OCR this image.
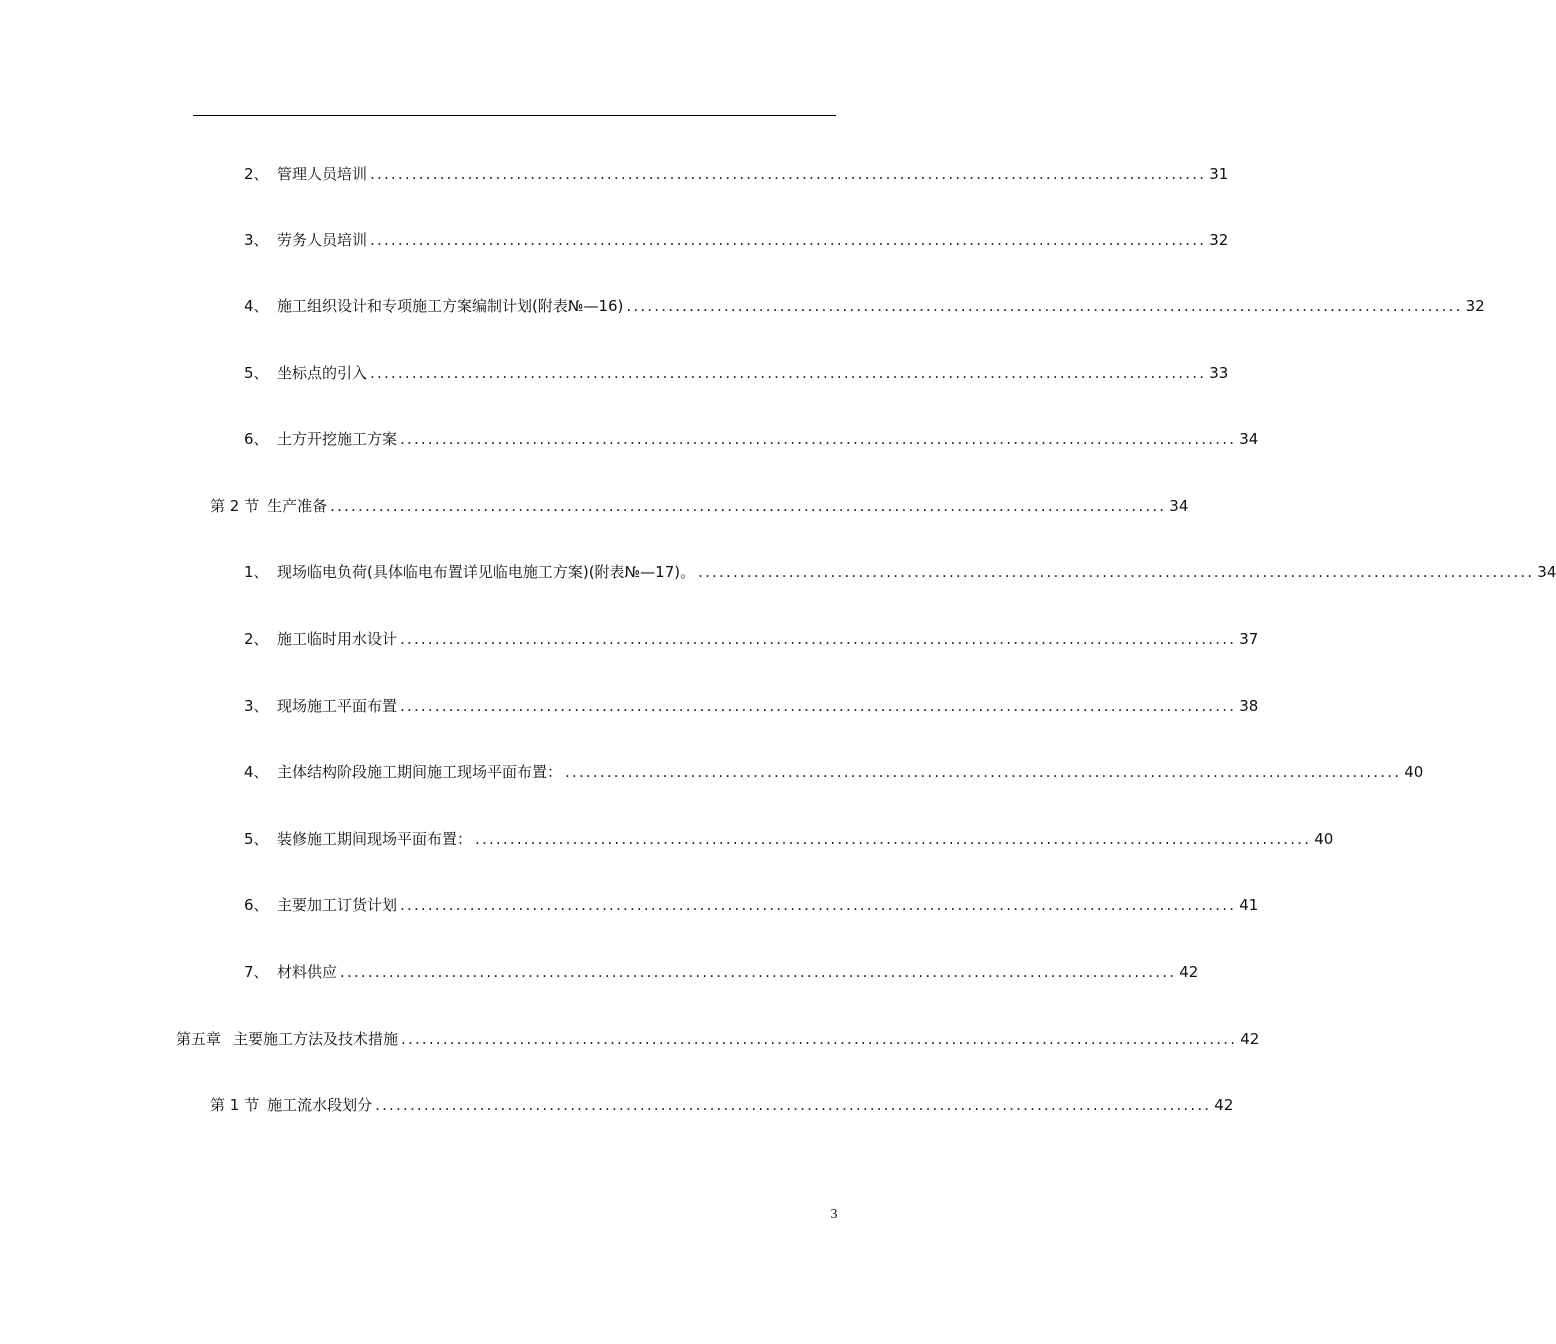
2、 管理人员培训 ........................................................................................................................ 31
3、 劳务人员培训 ........................................................................................................................ 32
4、 施工组织设计和专项施工方案编制计划(附表№—16) ........................................................................................................................ 32
5、 坐标点的引入 ........................................................................................................................ 33
6、 土方开挖施工方案 ........................................................................................................................ 34
第 2 节 生产准备 ........................................................................................................................ 34
1、 现场临电负荷(具体临电布置详见临电施工方案)(附表№—17)。 ........................................................................................................................ 34
2、 施工临时用水设计 ........................................................................................................................ 37
3、 现场施工平面布置 ........................................................................................................................ 38
4、 主体结构阶段施工期间施工现场平面布置： ........................................................................................................................ 40
5、 装修施工期间现场平面布置： ........................................................................................................................ 40
6、 主要加工订货计划 ........................................................................................................................ 41
7、 材料供应 ........................................................................................................................ 42
第五章 主要施工方法及技术措施 ........................................................................................................................ 42
第 1 节 施工流水段划分 ........................................................................................................................ 42
3
